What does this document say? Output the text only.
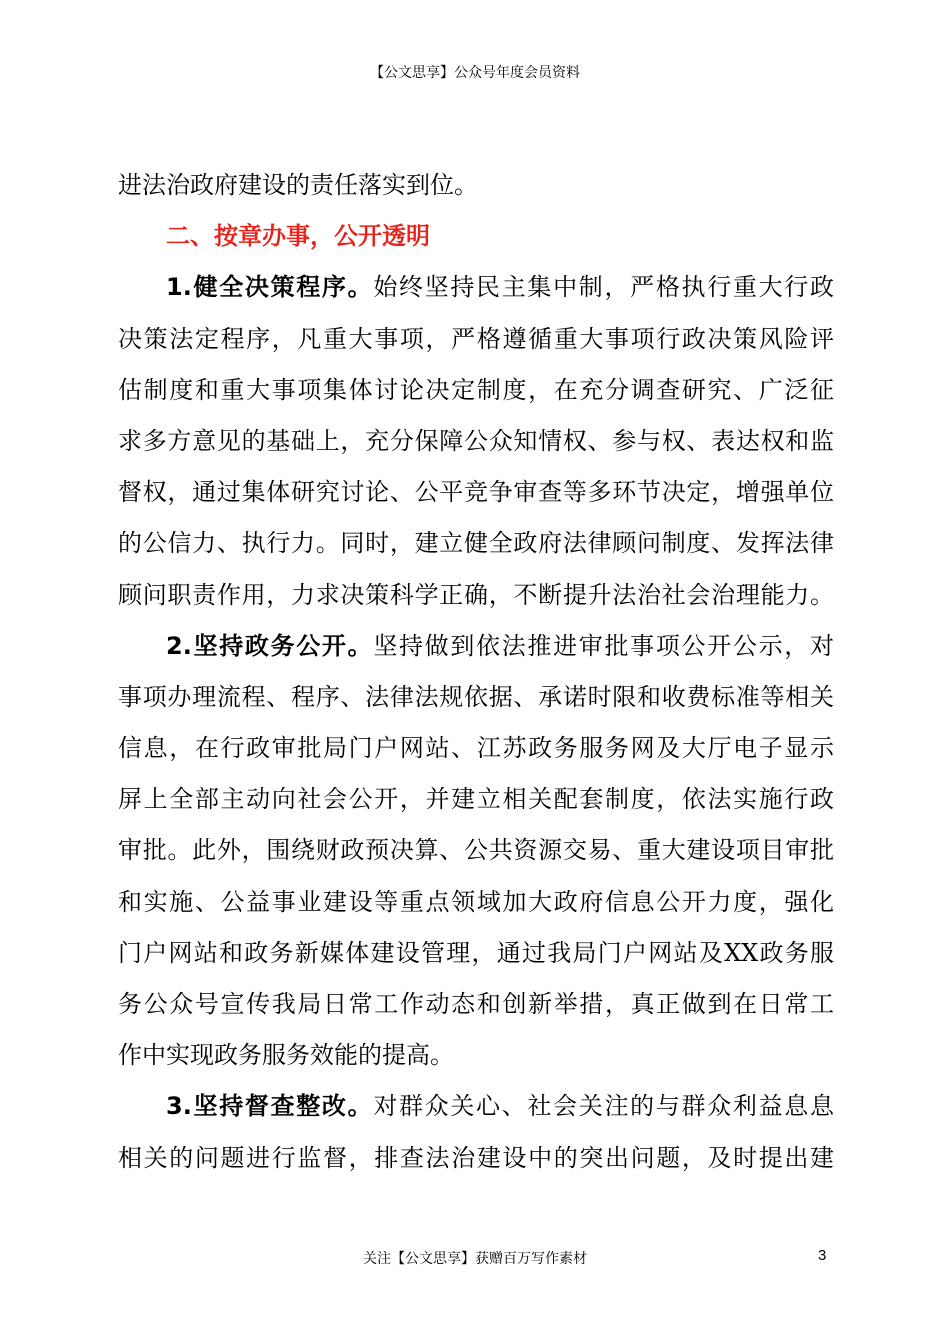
【公文思享】公众号年度会员资料
进法治政府建设的责任落实到位。
二、按章办事，公开透明
1.健全决策程序。始终坚持民主集中制，严格执行重大行政
决策法定程序，凡重大事项，严格遵循重大事项行政决策风险评
估制度和重大事项集体讨论决定制度，在充分调查研究、广泛征
求多方意见的基础上，充分保障公众知情权、参与权、表达权和监
督权，通过集体研究讨论、公平竞争审查等多环节决定，增强单位
的公信力、执行力。同时，建立健全政府法律顾问制度、发挥法律
顾问职责作用，力求决策科学正确，不断提升法治社会治理能力。
2.坚持政务公开。坚持做到依法推进审批事项公开公示，对
事项办理流程、程序、法律法规依据、承诺时限和收费标准等相关
信息，在行政审批局门户网站、江苏政务服务网及大厅电子显示
屏上全部主动向社会公开，并建立相关配套制度，依法实施行政
审批。此外，围绕财政预决算、公共资源交易、重大建设项目审批
和实施、公益事业建设等重点领域加大政府信息公开力度，强化
门户网站和政务新媒体建设管理，通过我局门户网站及XX政务服
务公众号宣传我局日常工作动态和创新举措，真正做到在日常工
作中实现政务服务效能的提高。
3.坚持督查整改。对群众关心、社会关注的与群众利益息息
相关的问题进行监督，排查法治建设中的突出问题，及时提出建
关注【公文思享】获赠百万写作素材	3
